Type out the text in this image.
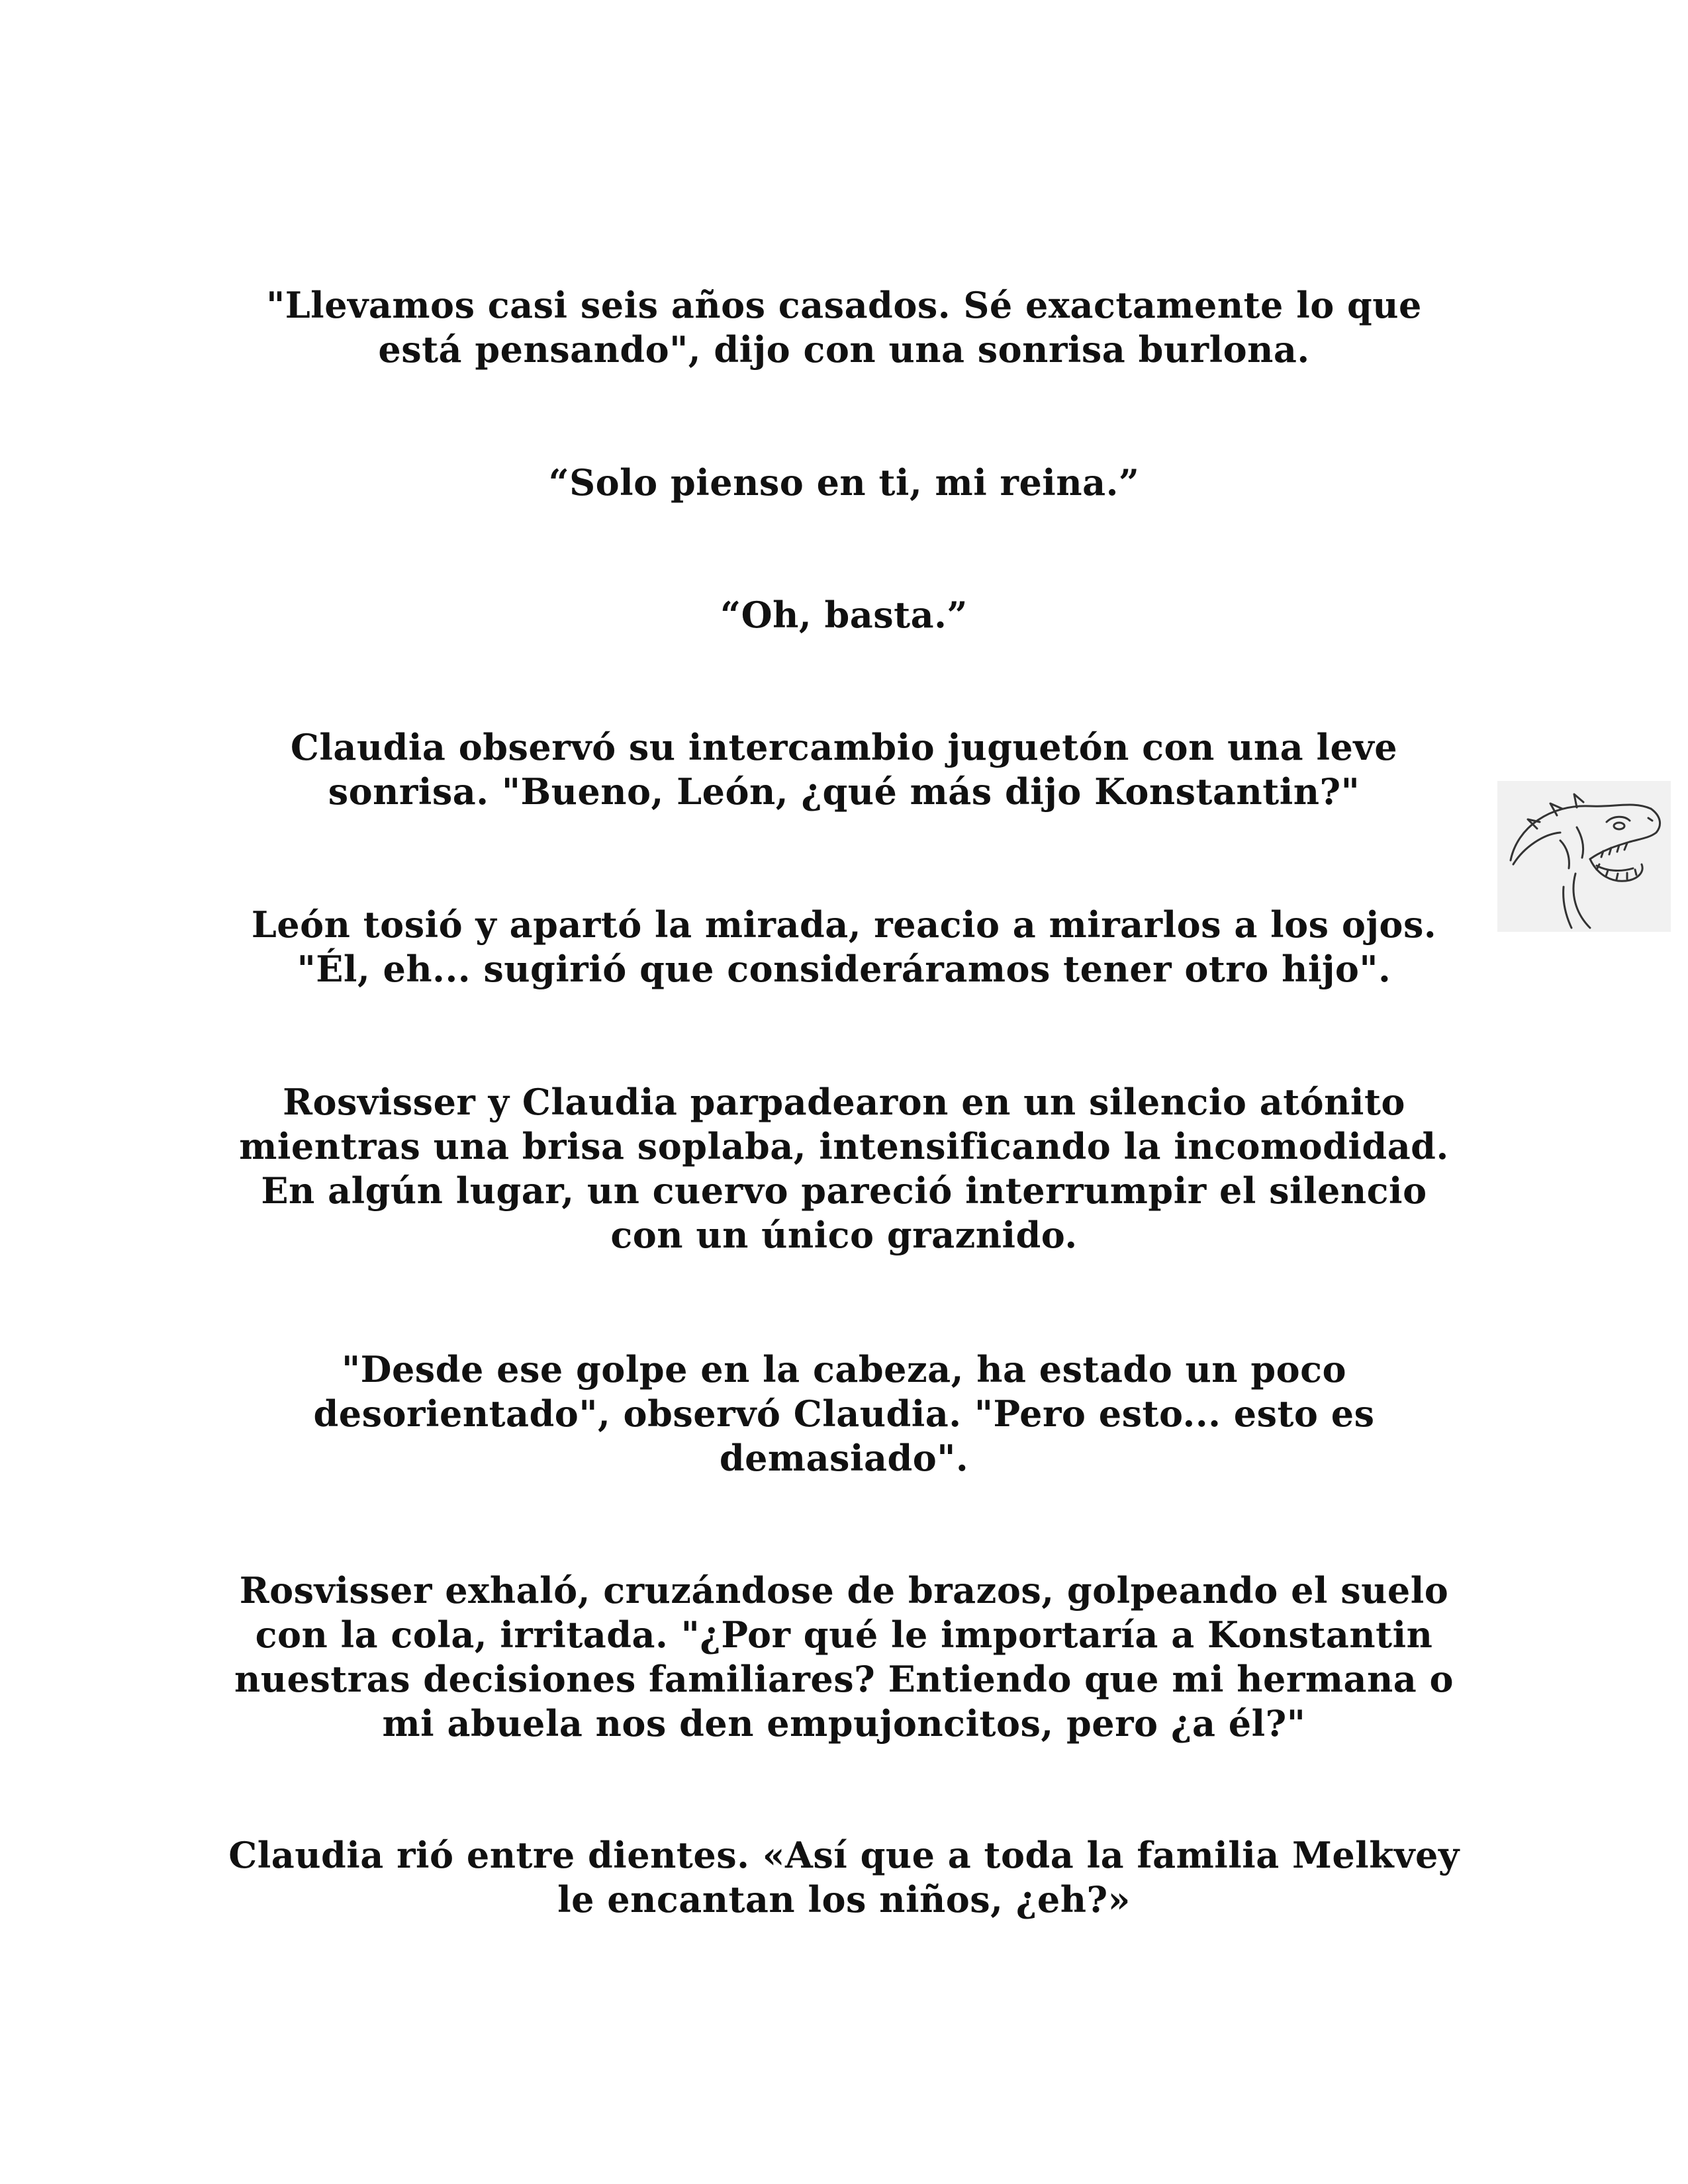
"Llevamos casi seis años casados. Sé exactamente lo que está pensando", dijo con una sonrisa burlona.

“Solo pienso en ti, mi reina.”

“Oh, basta.”

Claudia observó su intercambio juguetón con una leve sonrisa. "Bueno, León, ¿qué más dijo Konstantin?"

León tosió y apartó la mirada, reacio a mirarlos a los ojos. "Él, eh... sugirió que consideráramos tener otro hijo".

Rosvisser y Claudia parpadearon en un silencio atónito mientras una brisa soplaba, intensificando la incomodidad. En algún lugar, un cuervo pareció interrumpir el silencio con un único graznido.

"Desde ese golpe en la cabeza, ha estado un poco desorientado", observó Claudia. "Pero esto... esto es demasiado".

Rosvisser exhaló, cruzándose de brazos, golpeando el suelo con la cola, irritada. "¿Por qué le importaría a Konstantin nuestras decisiones familiares? Entiendo que mi hermana o mi abuela nos den empujoncitos, pero ¿a él?"

Claudia rió entre dientes. «Así que a toda la familia Melkvey le encantan los niños, ¿eh?»
